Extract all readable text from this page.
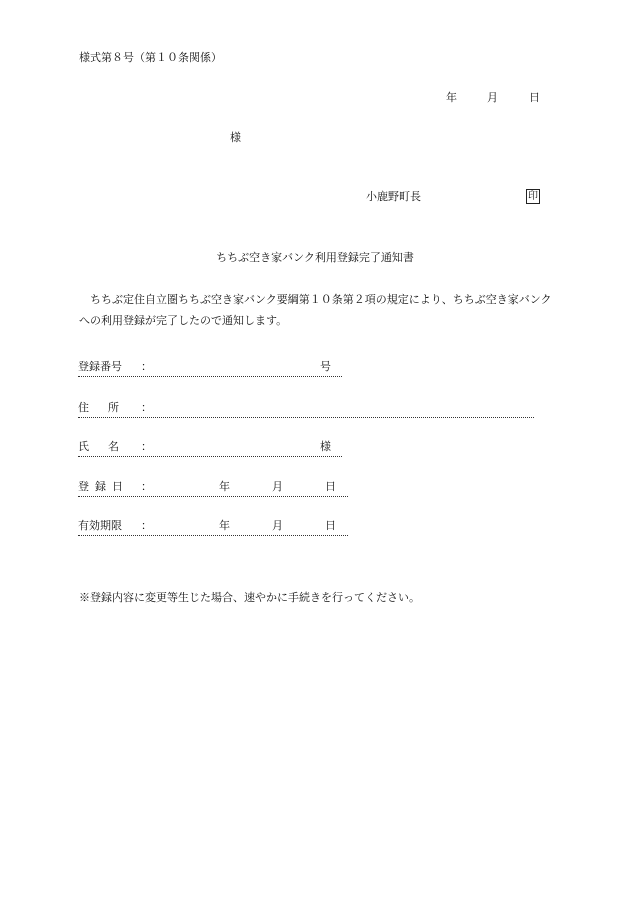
様式第８号（第１０条関係）
年	月	日
様
小鹿野町長	印
ちちぶ空き家バンク利用登録完了通知書
ちちぶ定住自立圏ちちぶ空き家バンク要綱第１０条第２項の規定により、ちちぶ空き家バンクへの利用登録が完了したので通知します。
登録番号 ：	号
住 所 ：
氏 名 ：	様
登 録 日 ：	年	月	日
有効期限 ：	年	月	日
※登録内容に変更等生じた場合、速やかに手続きを行ってください。
